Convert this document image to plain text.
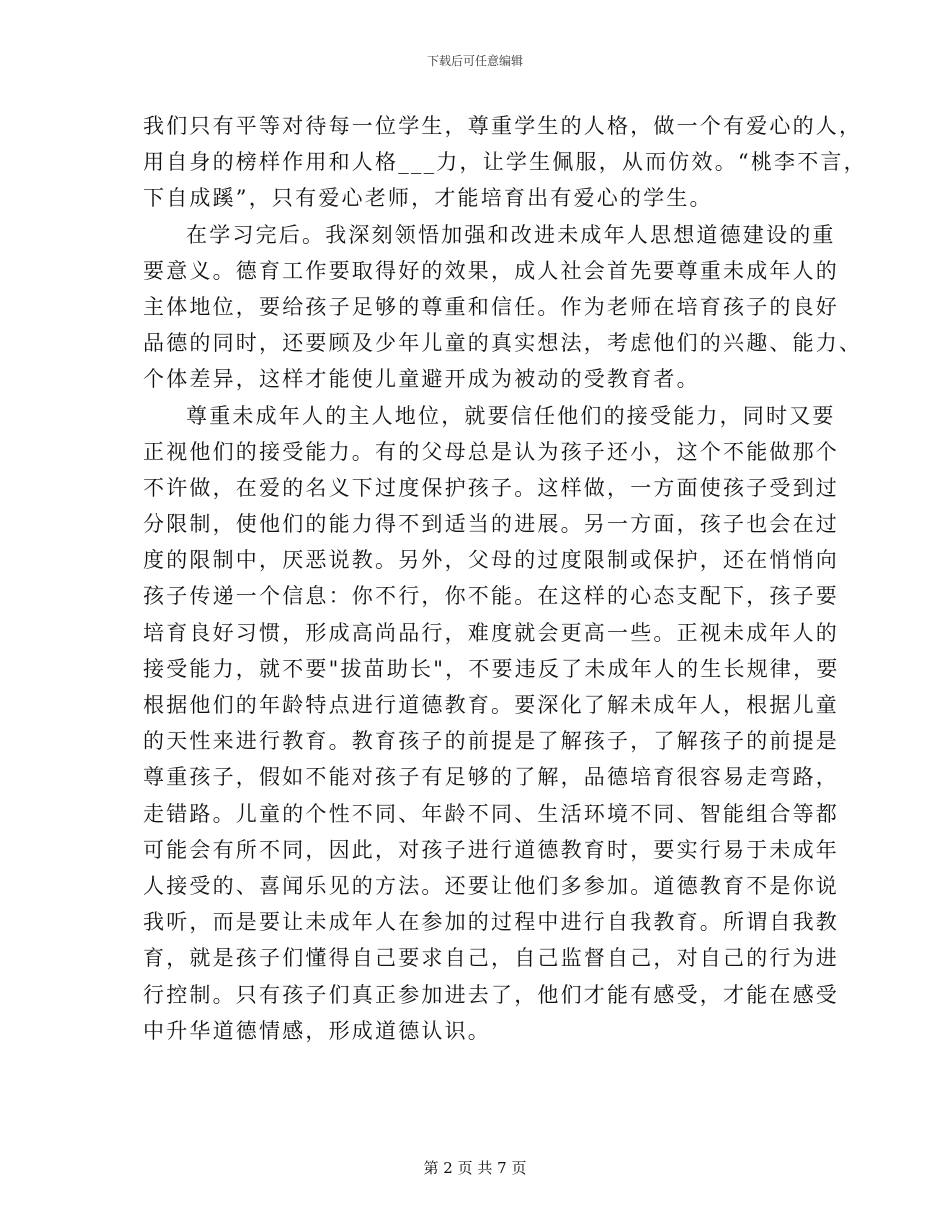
下载后可任意编辑
我们只有平等对待每一位学生，尊重学生的人格，做一个有爱心的人，
用自身的榜样作用和人格___力，让学生佩服，从而仿效。“桃李不言，
下自成蹊”，只有爱心老师，才能培育出有爱心的学生。
在学习完后。我深刻领悟加强和改进未成年人思想道德建设的重
要意义。德育工作要取得好的效果，成人社会首先要尊重未成年人的
主体地位，要给孩子足够的尊重和信任。作为老师在培育孩子的良好
品德的同时，还要顾及少年儿童的真实想法，考虑他们的兴趣、能力、
个体差异，这样才能使儿童避开成为被动的受教育者。
尊重未成年人的主人地位，就要信任他们的接受能力，同时又要
正视他们的接受能力。有的父母总是认为孩子还小，这个不能做那个
不许做，在爱的名义下过度保护孩子。这样做，一方面使孩子受到过
分限制，使他们的能力得不到适当的进展。另一方面，孩子也会在过
度的限制中，厌恶说教。另外，父母的过度限制或保护，还在悄悄向
孩子传递一个信息：你不行，你不能。在这样的心态支配下，孩子要
培育良好习惯，形成高尚品行，难度就会更高一些。正视未成年人的
接受能力，就不要"拔苗助长"，不要违反了未成年人的生长规律，要
根据他们的年龄特点进行道德教育。要深化了解未成年人，根据儿童
的天性来进行教育。教育孩子的前提是了解孩子，了解孩子的前提是
尊重孩子，假如不能对孩子有足够的了解，品德培育很容易走弯路，
走错路。儿童的个性不同、年龄不同、生活环境不同、智能组合等都
可能会有所不同，因此，对孩子进行道德教育时，要实行易于未成年
人接受的、喜闻乐见的方法。还要让他们多参加。道德教育不是你说
我听，而是要让未成年人在参加的过程中进行自我教育。所谓自我教
育，就是孩子们懂得自己要求自己，自己监督自己，对自己的行为进
行控制。只有孩子们真正参加进去了，他们才能有感受，才能在感受
中升华道德情感，形成道德认识。
第 2 页 共 7 页
